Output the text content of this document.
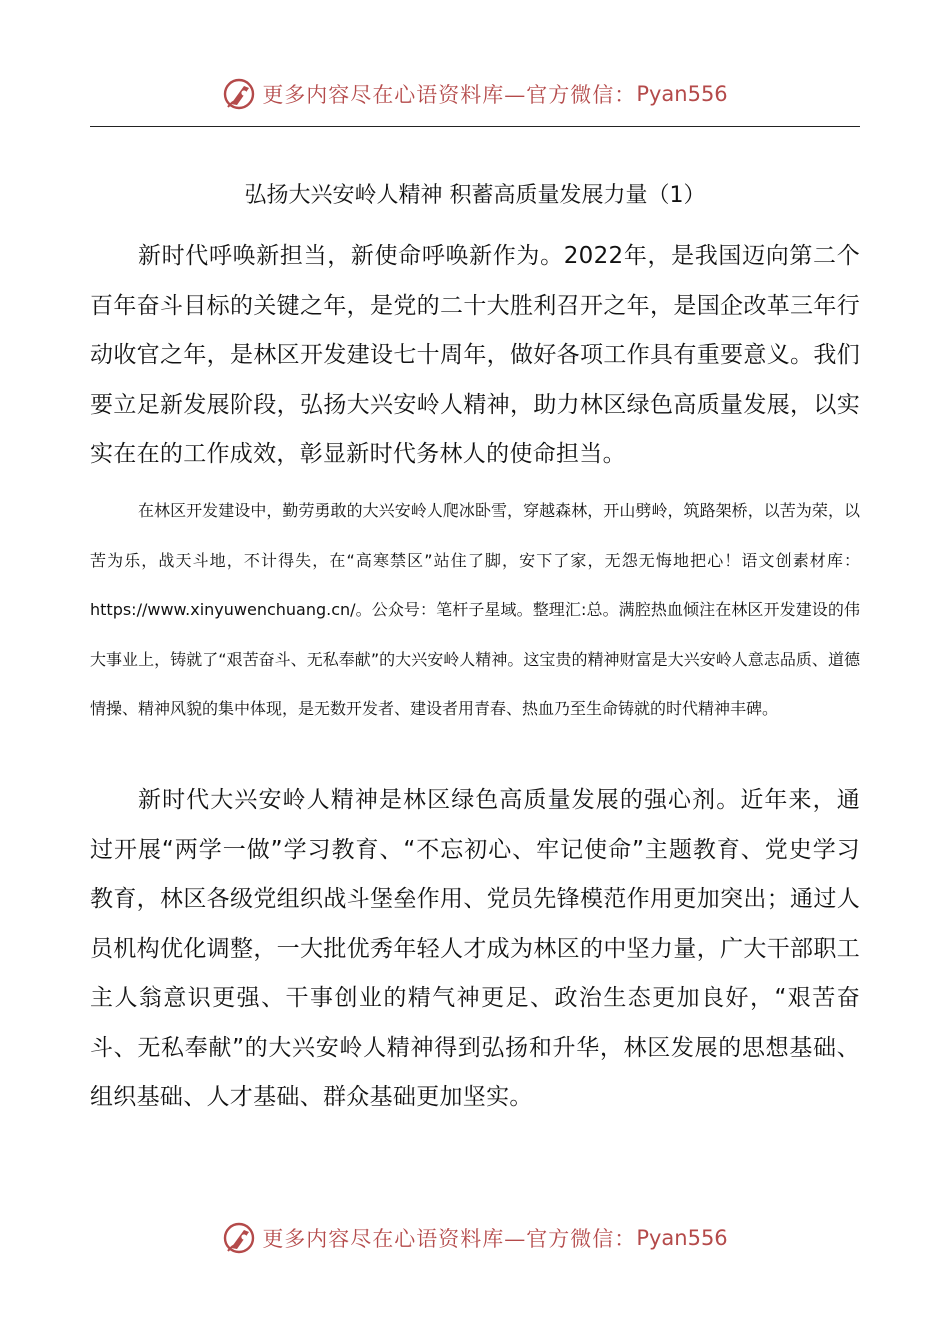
更多内容尽在心语资料库—官方微信： Pyan556
弘扬大兴安岭人精神 积蓄高质量发展力量（1）

新时代呼唤新担当，新使命呼唤新作为。2022年，是我国迈向第二个百年奋斗目标的关键之年，是党的二十大胜利召开之年，是国企改革三年行动收官之年，是林区开发建设七十周年，做好各项工作具有重要意义。我们要立足新发展阶段，弘扬大兴安岭人精神，助力林区绿色高质量发展，以实实在在的工作成效，彰显新时代务林人的使命担当。

在林区开发建设中，勤劳勇敢的大兴安岭人爬冰卧雪，穿越森林，开山劈岭，筑路架桥，以苦为荣，以苦为乐，战天斗地，不计得失，在“高寒禁区”站住了脚，安下了家，无怨无悔地把心！语文创素材库：https://www.xinyuwenchuang.cn/。公众号：笔杆子星域。整理汇:总。满腔热血倾注在林区开发建设的伟大事业上，铸就了“艰苦奋斗、无私奉献”的大兴安岭人精神。这宝贵的精神财富是大兴安岭人意志品质、道德情操、精神风貌的集中体现，是无数开发者、建设者用青春、热血乃至生命铸就的时代精神丰碑。

新时代大兴安岭人精神是林区绿色高质量发展的强心剂。近年来，通过开展“两学一做”学习教育、“不忘初心、牢记使命”主题教育、党史学习教育，林区各级党组织战斗堡垒作用、党员先锋模范作用更加突出；通过人员机构优化调整，一大批优秀年轻人才成为林区的中坚力量，广大干部职工主人翁意识更强、干事创业的精气神更足、政治生态更加良好，“艰苦奋斗、无私奉献”的大兴安岭人精神得到弘扬和升华，林区发展的思想基础、组织基础、人才基础、群众基础更加坚实。

更多内容尽在心语资料库—官方微信： Pyan556
